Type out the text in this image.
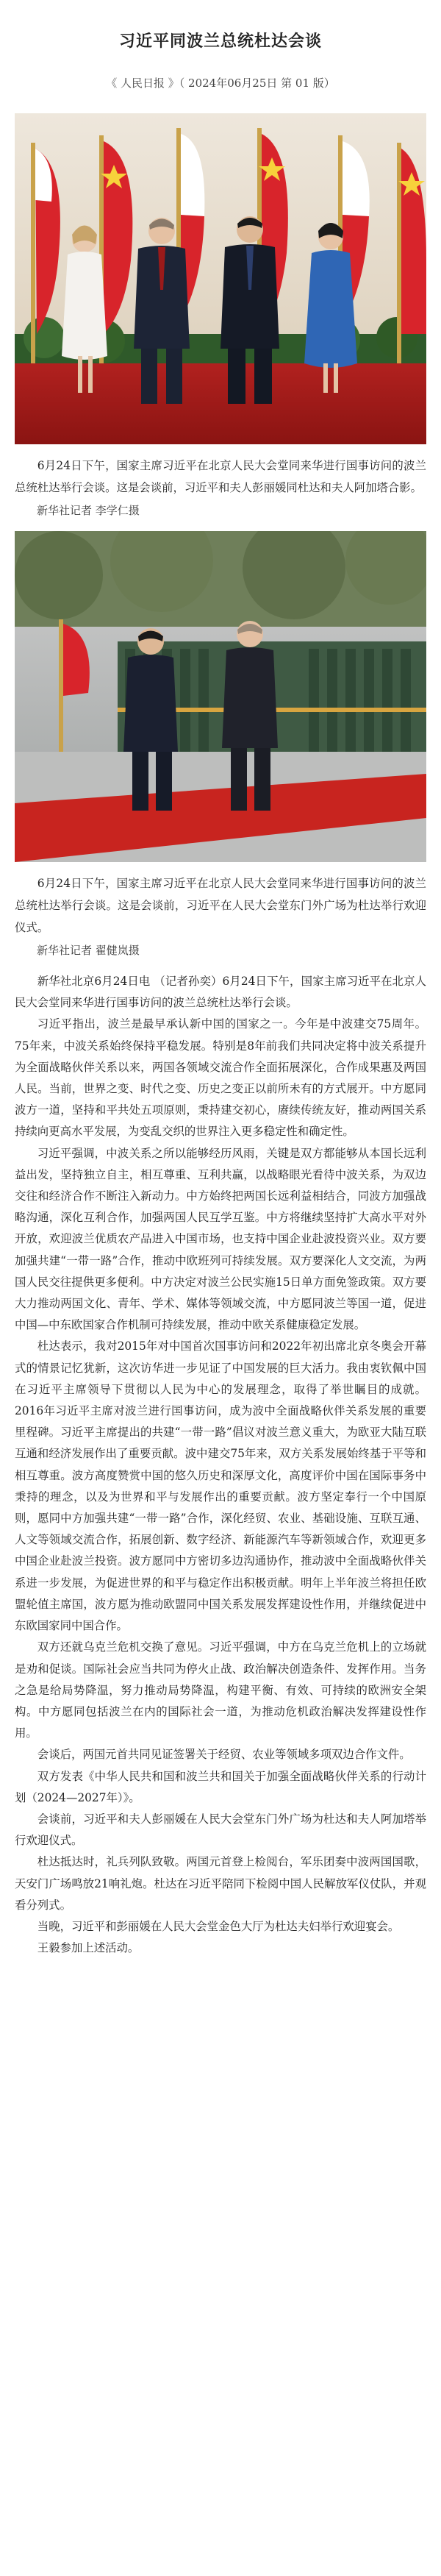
习近平同波兰总统杜达会谈
《 人民日报 》（ 2024年06月25日 第 01 版）

6月24日下午，国家主席习近平在北京人民大会堂同来华进行国事访问的波兰总统杜达举行会谈。这是会谈前，习近平和夫人彭丽媛同杜达和夫人阿加塔合影。

新华社记者 李学仁摄

6月24日下午，国家主席习近平在北京人民大会堂同来华进行国事访问的波兰总统杜达举行会谈。这是会谈前，习近平在人民大会堂东门外广场为杜达举行欢迎仪式。

新华社记者 翟健岚摄

新华社北京6月24日电 （记者孙奕）6月24日下午，国家主席习近平在北京人民大会堂同来华进行国事访问的波兰总统杜达举行会谈。

习近平指出，波兰是最早承认新中国的国家之一。今年是中波建交75周年。75年来，中波关系始终保持平稳发展。特别是8年前我们共同决定将中波关系提升为全面战略伙伴关系以来，两国各领域交流合作全面拓展深化，合作成果惠及两国人民。当前，世界之变、时代之变、历史之变正以前所未有的方式展开。中方愿同波方一道，坚持和平共处五项原则，秉持建交初心，赓续传统友好，推动两国关系持续向更高水平发展，为变乱交织的世界注入更多稳定性和确定性。

习近平强调，中波关系之所以能够经历风雨，关键是双方都能够从本国长远利益出发，坚持独立自主，相互尊重、互利共赢，以战略眼光看待中波关系，为双边交往和经济合作不断注入新动力。中方始终把两国长远利益相结合，同波方加强战略沟通，深化互利合作，加强两国人民互学互鉴。中方将继续坚持扩大高水平对外开放，欢迎波兰优质农产品进入中国市场，也支持中国企业赴波投资兴业。双方要加强共建“一带一路”合作，推动中欧班列可持续发展。双方要深化人文交流，为两国人民交往提供更多便利。中方决定对波兰公民实施15日单方面免签政策。双方要大力推动两国文化、青年、学术、媒体等领域交流，中方愿同波兰等国一道，促进中国—中东欧国家合作机制可持续发展，推动中欧关系健康稳定发展。

杜达表示，我对2015年对中国首次国事访问和2022年初出席北京冬奥会开幕式的情景记忆犹新，这次访华进一步见证了中国发展的巨大活力。我由衷钦佩中国在习近平主席领导下贯彻以人民为中心的发展理念，取得了举世瞩目的成就。2016年习近平主席对波兰进行国事访问，成为波中全面战略伙伴关系发展的重要里程碑。习近平主席提出的共建“一带一路”倡议对波兰意义重大，为欧亚大陆互联互通和经济发展作出了重要贡献。波中建交75年来，双方关系发展始终基于平等和相互尊重。波方高度赞赏中国的悠久历史和深厚文化，高度评价中国在国际事务中秉持的理念，以及为世界和平与发展作出的重要贡献。波方坚定奉行一个中国原则，愿同中方加强共建“一带一路”合作，深化经贸、农业、基础设施、互联互通、人文等领域交流合作，拓展创新、数字经济、新能源汽车等新领域合作，欢迎更多中国企业赴波兰投资。波方愿同中方密切多边沟通协作，推动波中全面战略伙伴关系进一步发展，为促进世界的和平与稳定作出积极贡献。明年上半年波兰将担任欧盟轮值主席国，波方愿为推动欧盟同中国关系发展发挥建设性作用，并继续促进中东欧国家同中国合作。

双方还就乌克兰危机交换了意见。习近平强调，中方在乌克兰危机上的立场就是劝和促谈。国际社会应当共同为停火止战、政治解决创造条件、发挥作用。当务之急是给局势降温，努力推动局势降温，构建平衡、有效、可持续的欧洲安全架构。中方愿同包括波兰在内的国际社会一道，为推动危机政治解决发挥建设性作用。

会谈后，两国元首共同见证签署关于经贸、农业等领域多项双边合作文件。

双方发表《中华人民共和国和波兰共和国关于加强全面战略伙伴关系的行动计划（2024—2027年）》。

会谈前，习近平和夫人彭丽媛在人民大会堂东门外广场为杜达和夫人阿加塔举行欢迎仪式。

杜达抵达时，礼兵列队致敬。两国元首登上检阅台，军乐团奏中波两国国歌，天安门广场鸣放21响礼炮。杜达在习近平陪同下检阅中国人民解放军仪仗队，并观看分列式。

当晚，习近平和彭丽媛在人民大会堂金色大厅为杜达夫妇举行欢迎宴会。

王毅参加上述活动。
